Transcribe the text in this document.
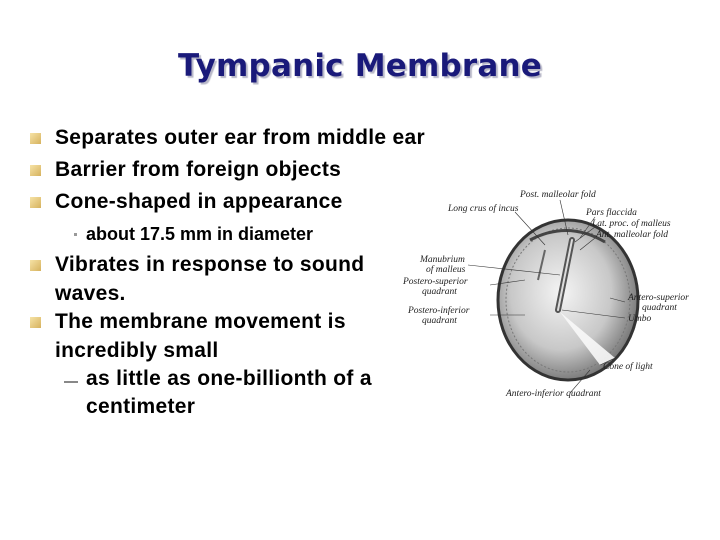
Tympanic Membrane
Separates outer ear from middle ear
Barrier from foreign objects
Cone-shaped in appearance
about 17.5 mm in diameter
Vibrates in response to sound waves.
The membrane movement is incredibly small
as little as one-billionth of a centimeter
Post. malleolar fold
Long crus of incus	Pars flaccida
Lat. proc. of malleus
Ant. malleolar fold
Manubrium
of malleus
Postero-superior
quadrant
Postero-inferior
quadrant
Antero-superior
quadrant
Umbo
Cone of light
Antero-inferior quadrant
